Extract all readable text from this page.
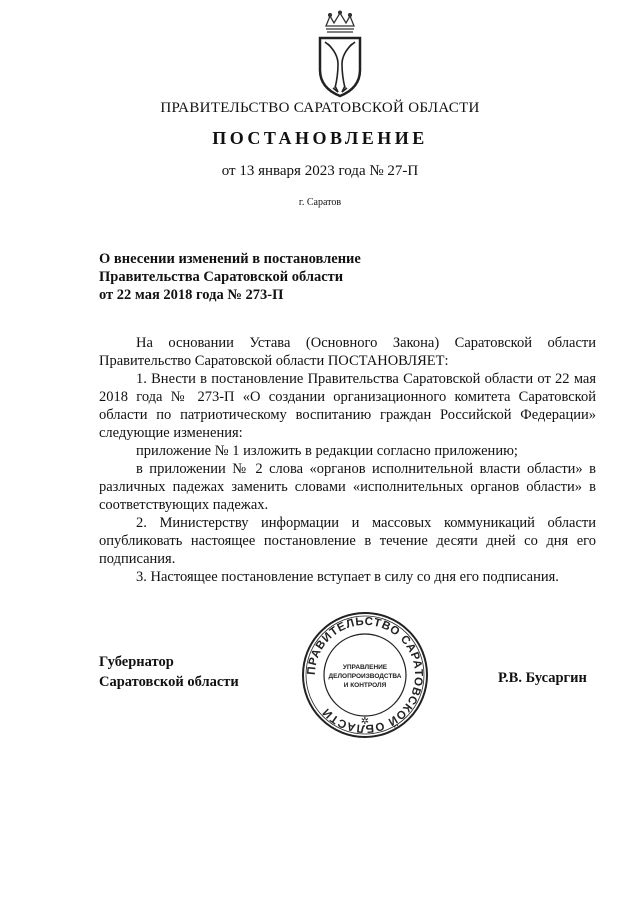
ПРАВИТЕЛЬСТВО САРАТОВСКОЙ ОБЛАСТИ
ПОСТАНОВЛЕНИЕ
от 13 января 2023 года № 27-П
г. Саратов
О внесении изменений в постановление
Правительства Саратовской области
от 22 мая 2018 года № 273-П

На основании Устава (Основного Закона) Саратовской области Правительство Саратовской области ПОСТАНОВЛЯЕТ:

1. Внести в постановление Правительства Саратовской области от 22 мая 2018 года № 273-П «О создании организационного комитета Саратовской области по патриотическому воспитанию граждан Российской Федерации» следующие изменения:

приложение № 1 изложить в редакции согласно приложению;

в приложении № 2 слова «органов исполнительной власти области» в различных падежах заменить словами «исполнительных органов области» в соответствующих падежах.

2. Министерству информации и массовых коммуникаций области опубликовать настоящее постановление в течение десяти дней со дня его подписания.

3. Настоящее постановление вступает в силу со дня его подписания.

Губернатор
Саратовской области	Р.В. Бусаргин
ПРАВИТЕЛЬСТВО САРАТОВСКОЙ ОБЛАСТИ
УПРАВЛЕНИЕ
ДЕЛОПРОИЗВОДСТВА
И КОНТРОЛЯ
✲
